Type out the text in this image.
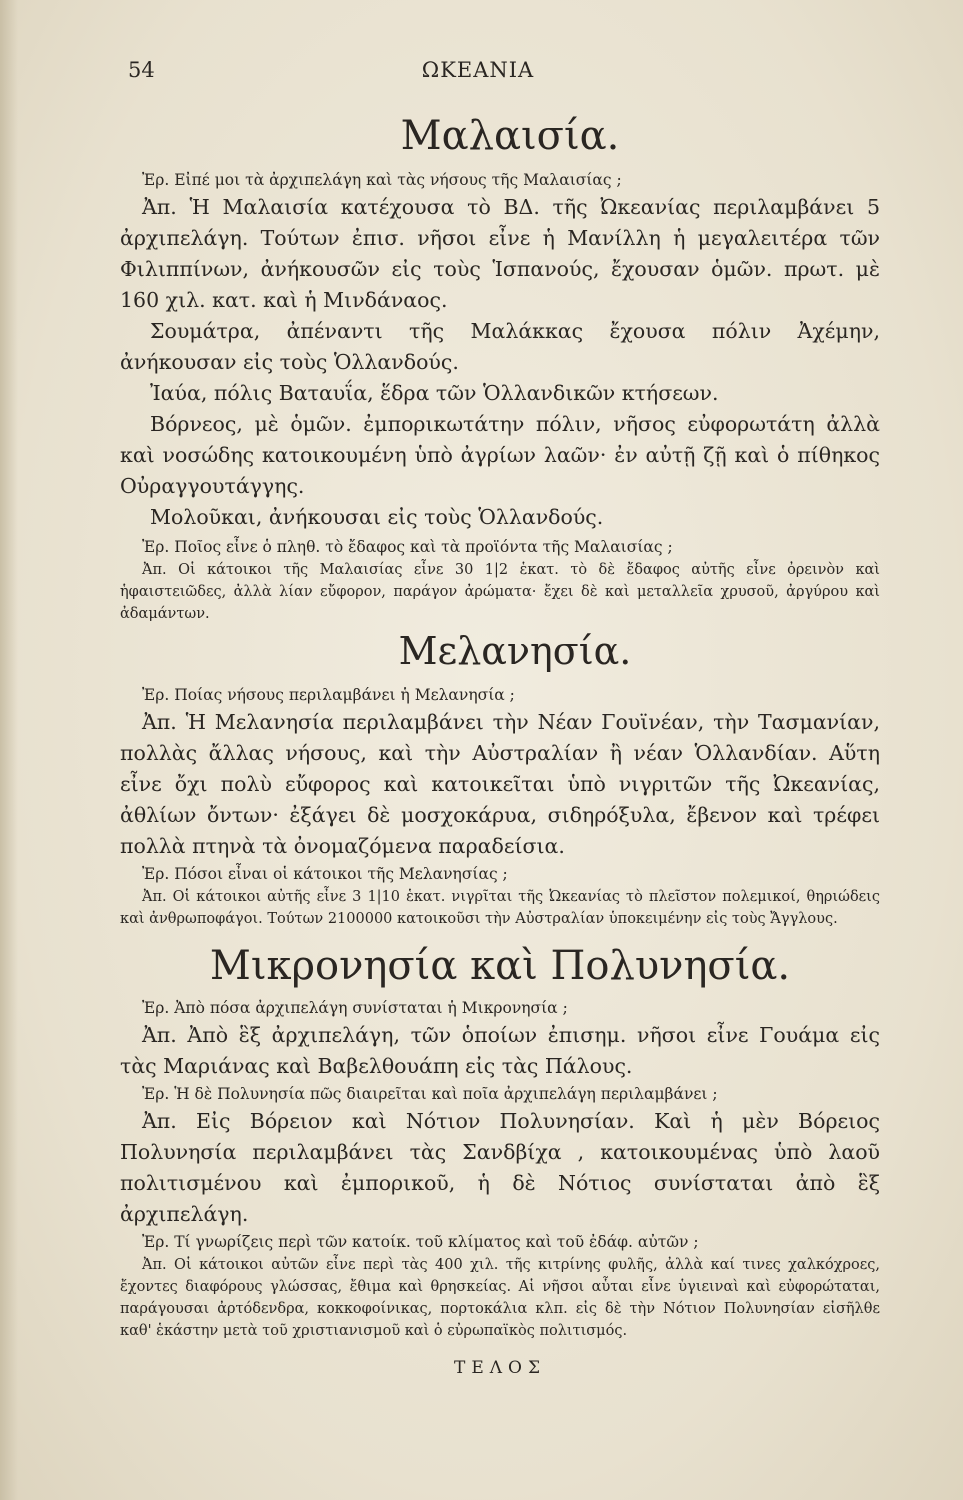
54	ΩΚΕΑΝΙΑ
Μαλαισία.

Ἐρ. Εἰπέ μοι τὰ ἀρχιπελάγη καὶ τὰς νήσους τῆς Μαλαισίας ;

Ἀπ. Ἡ Μαλαισία κατέχουσα τὸ ΒΔ. τῆς Ὠκεανίας περιλαμβάνει 5 ἀρχιπελάγη. Τούτων ἐπισ. νῆσοι εἶνε ἡ Μανίλλη ἡ μεγαλειτέρα τῶν Φιλιππίνων, ἀνήκουσῶν εἰς τοὺς Ἱσπανούς, ἔχουσαν ὁμῶν. πρωτ. μὲ 160 χιλ. κατ. καὶ ἡ Μινδάναος.

Σουμάτρα, ἀπέναντι τῆς Μαλάκκας ἔχουσα πόλιν Ἀχέμην, ἀνήκουσαν εἰς τοὺς Ὁλλανδούς.

Ἰαύα, πόλις Βαταυΐα, ἕδρα τῶν Ὁλλανδικῶν κτήσεων.

Βόρνεος, μὲ ὁμῶν. ἐμπορικωτάτην πόλιν, νῆσος εὐφορωτάτη ἀλλὰ καὶ νοσώδης κατοικουμένη ὑπὸ ἀγρίων λαῶν· ἐν αὐτῇ ζῇ καὶ ὁ πίθηκος Οὐραγγουτάγγης.

Μολοῦκαι, ἀνήκουσαι εἰς τοὺς Ὁλλανδούς.

Ἐρ. Ποῖος εἶνε ὁ πληθ. τὸ ἔδαφος καὶ τὰ προϊόντα τῆς Μαλαισίας ;

Ἀπ. Οἱ κάτοικοι τῆς Μαλαισίας εἶνε 30 1|2 ἑκατ. τὸ δὲ ἔδαφος αὐτῆς εἶνε ὀρεινὸν καὶ ἡφαιστειῶδες, ἀλλὰ λίαν εὔφορον, παράγον ἀρώματα· ἔχει δὲ καὶ μεταλλεῖα χρυσοῦ, ἀργύρου καὶ ἀδαμάντων.

Μελανησία.

Ἐρ. Ποίας νήσους περιλαμβάνει ἡ Μελανησία ;

Ἀπ. Ἡ Μελανησία περιλαμβάνει τὴν Νέαν Γουϊνέαν, τὴν Τασμανίαν, πολλὰς ἄλλας νήσους, καὶ τὴν Αὐστραλίαν ἢ νέαν Ὁλλανδίαν. Αὕτη εἶνε ὄχι πολὺ εὔφορος καὶ κατοικεῖται ὑπὸ νιγριτῶν τῆς Ὠκεανίας, ἀθλίων ὄντων· ἐξάγει δὲ μοσχοκάρυα, σιδηρόξυλα, ἔβενον καὶ τρέφει πολλὰ πτηνὰ τὰ ὀνομαζόμενα παραδείσια.

Ἐρ. Πόσοι εἶναι οἱ κάτοικοι τῆς Μελανησίας ;

Ἀπ. Οἱ κάτοικοι αὐτῆς εἶνε 3 1|10 ἑκατ. νιγρῖται τῆς Ὠκεανίας τὸ πλεῖστον πολεμικοί, θηριώδεις καὶ ἀνθρωποφάγοι. Τούτων 2100000 κατοικοῦσι τὴν Αὐστραλίαν ὑποκειμένην εἰς τοὺς Ἄγγλους.

Μικρονησία καὶ Πολυνησία.

Ἐρ. Ἀπὸ πόσα ἀρχιπελάγη συνίσταται ἡ Μικρονησία ;

Ἀπ. Ἀπὸ ἓξ ἀρχιπελάγη, τῶν ὁποίων ἐπισημ. νῆσοι εἶνε Γουάμα εἰς τὰς Μαριάνας καὶ Βαβελθουάπη εἰς τὰς Πάλους.

Ἐρ. Ἡ δὲ Πολυνησία πῶς διαιρεῖται καὶ ποῖα ἀρχιπελάγη περιλαμβάνει ;

Ἀπ. Εἰς Βόρειον καὶ Νότιον Πολυνησίαν. Καὶ ἡ μὲν Βόρειος Πολυνησία περιλαμβάνει τὰς Σανδβίχα , κατοικουμένας ὑπὸ λαοῦ πολιτισμένου καὶ ἐμπορικοῦ, ἡ δὲ Νότιος συνίσταται ἀπὸ ἓξ ἀρχιπελάγη.

Ἐρ. Τί γνωρίζεις περὶ τῶν κατοίκ. τοῦ κλίματος καὶ τοῦ ἐδάφ. αὐτῶν ;

Ἀπ. Οἱ κάτοικοι αὐτῶν εἶνε περὶ τὰς 400 χιλ. τῆς κιτρίνης φυλῆς, ἀλλὰ καί τινες χαλκόχροες, ἔχοντες διαφόρους γλώσσας, ἔθιμα καὶ θρησκείας. Αἱ νῆσοι αὗται εἶνε ὑγιειναὶ καὶ εὐφορώταται, παράγουσαι ἀρτόδενδρα, κοκκοφοίνικας, πορτοκάλια κλπ. εἰς δὲ τὴν Νότιον Πολυνησίαν εἰσῆλθε καθ' ἑκάστην μετὰ τοῦ χριστιανισμοῦ καὶ ὁ εὐρωπαϊκὸς πολιτισμός.

ΤΕΛΟΣ
